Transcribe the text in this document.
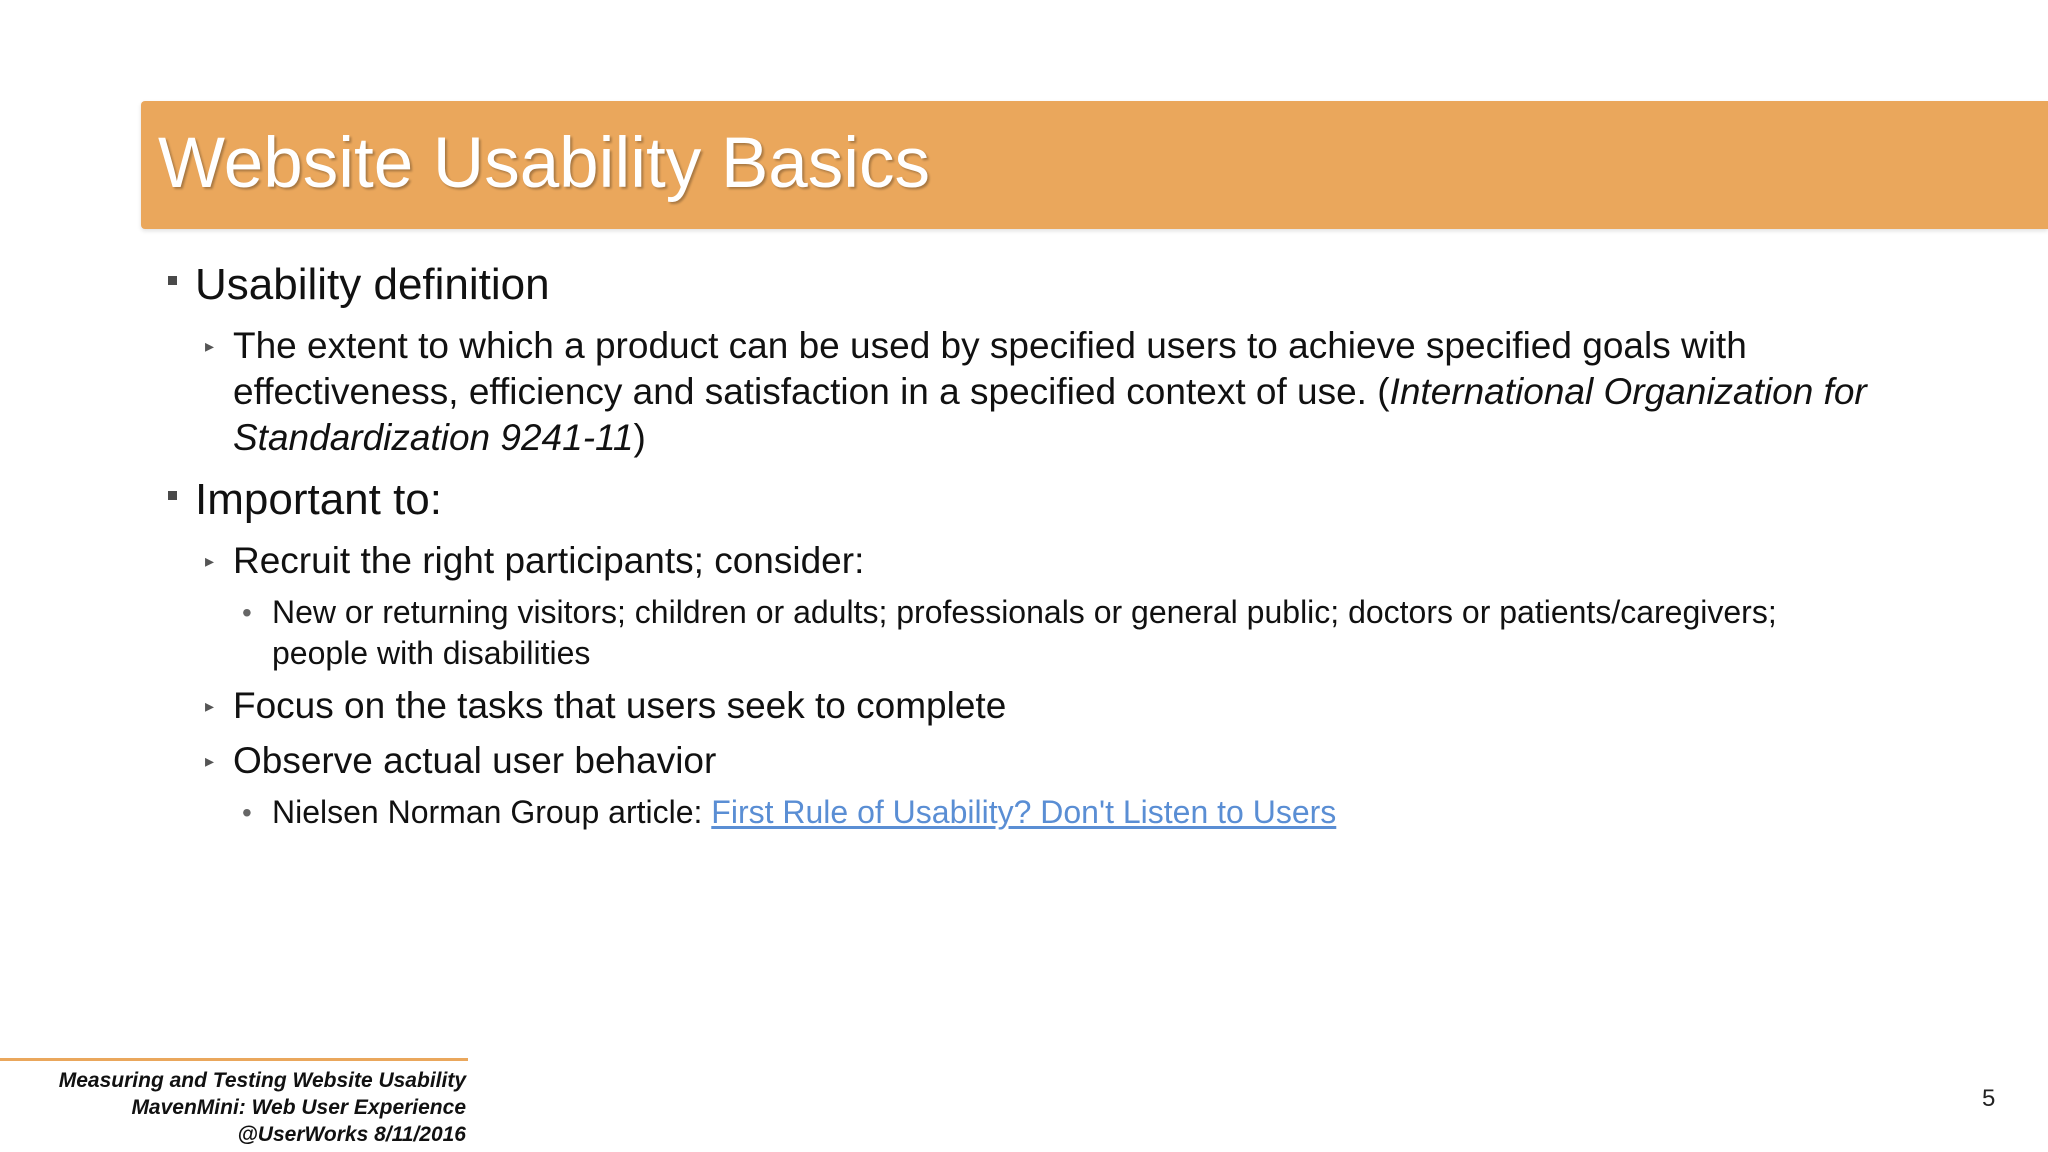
Website Usability Basics
Usability definition
▸ The extent to which a product can be used by specified users to achieve specified goals with
effectiveness, efficiency and satisfaction in a specified context of use. (International Organization for
Standardization 9241-11)
Important to:
▸ Recruit the right participants; consider:
• New or returning visitors; children or adults; professionals or general public; doctors or patients/caregivers;
people with disabilities
▸ Focus on the tasks that users seek to complete
▸ Observe actual user behavior
• Nielsen Norman Group article: First Rule of Usability? Don't Listen to Users
Measuring and Testing Website Usability
MavenMini: Web User Experience
@UserWorks 8/11/2016
5
